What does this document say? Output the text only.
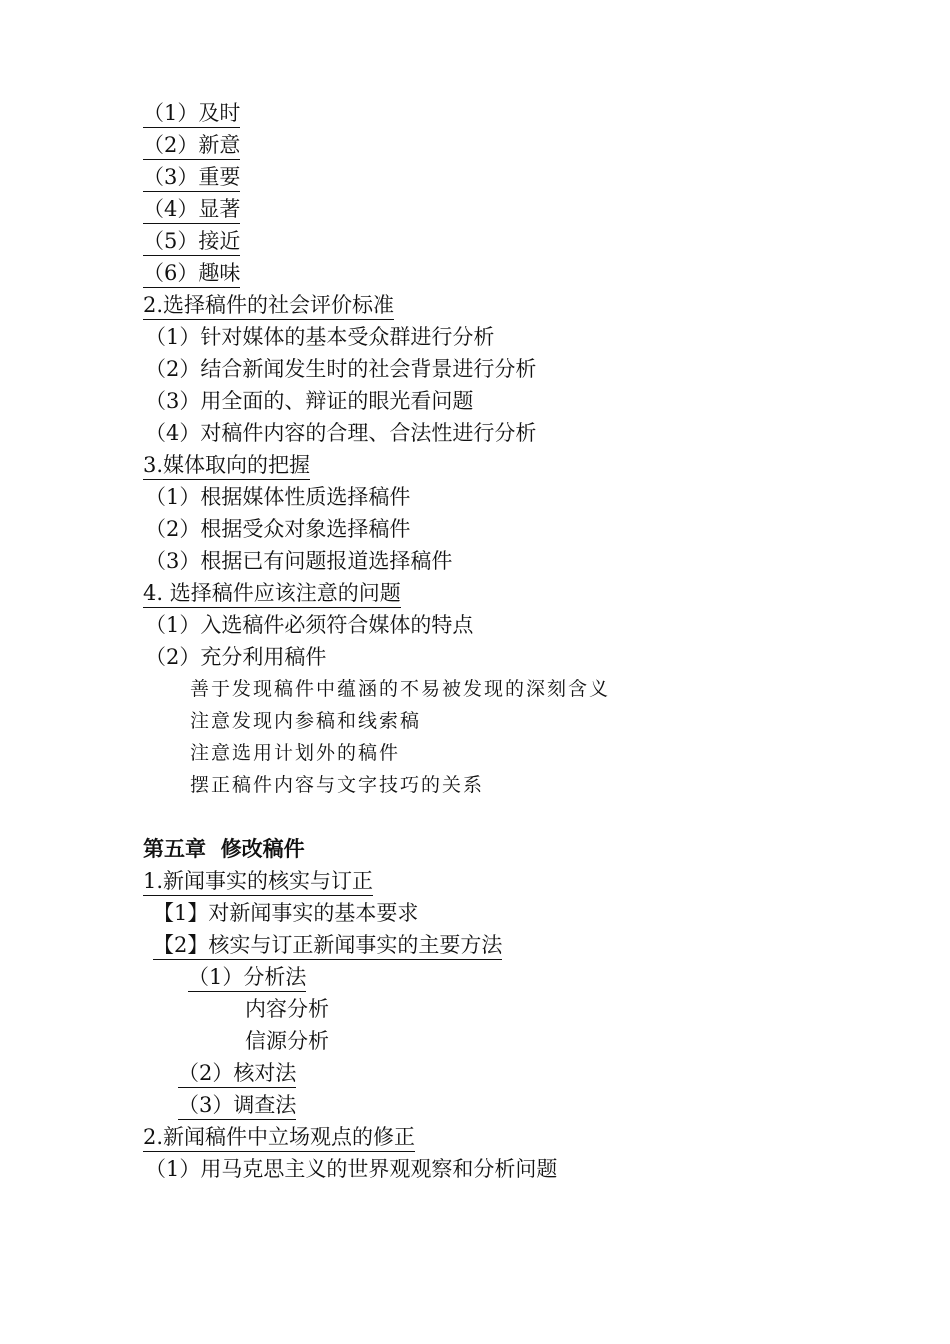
（1）及时
（2）新意
（3）重要
（4）显著
（5）接近
（6）趣味
2.选择稿件的社会评价标准
（1）针对媒体的基本受众群进行分析
（2）结合新闻发生时的社会背景进行分析
（3）用全面的、辩证的眼光看问题
（4）对稿件内容的合理、合法性进行分析
3.媒体取向的把握
（1）根据媒体性质选择稿件
（2）根据受众对象选择稿件
（3）根据已有问题报道选择稿件
4. 选择稿件应该注意的问题
（1）入选稿件必须符合媒体的特点
（2）充分利用稿件
善于发现稿件中蕴涵的不易被发现的深刻含义
注意发现内参稿和线索稿
注意选用计划外的稿件
摆正稿件内容与文字技巧的关系
第五章  修改稿件
1.新闻事实的核实与订正
【1】对新闻事实的基本要求
【2】核实与订正新闻事实的主要方法
（1）分析法
内容分析
信源分析
（2）核对法
（3）调查法
2.新闻稿件中立场观点的修正
（1）用马克思主义的世界观观察和分析问题
